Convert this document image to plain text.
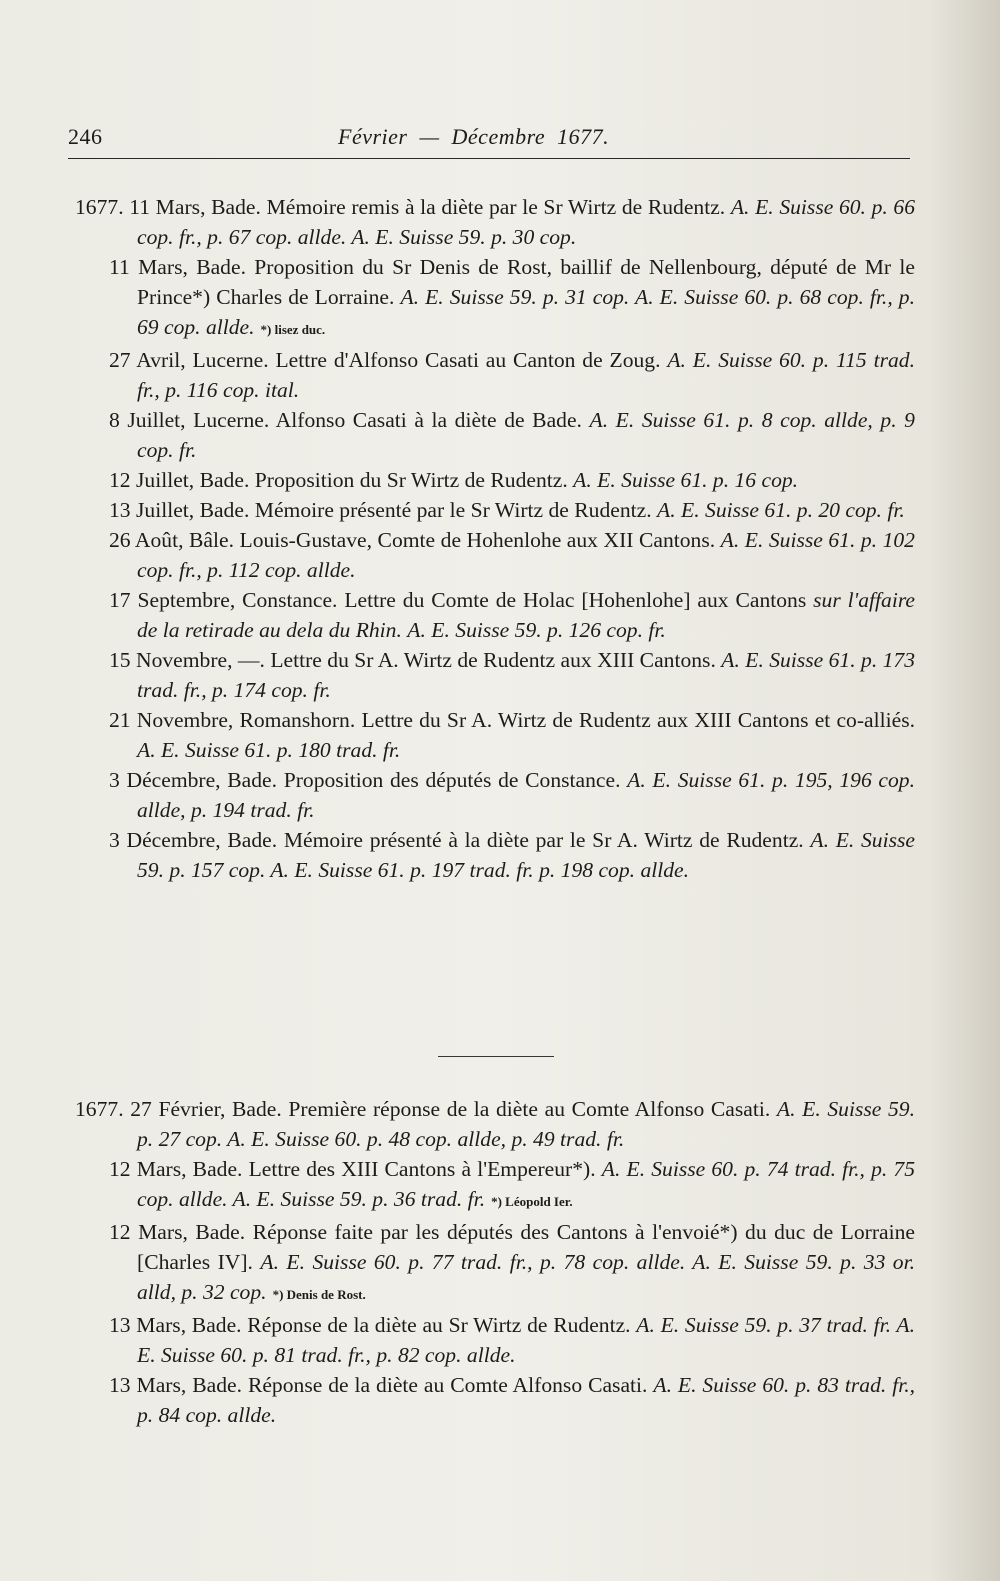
246	Février — Décembre 1677.

1677. 11 Mars, Bade. Mémoire remis à la diète par le Sr Wirtz de Rudentz. A. E. Suisse 60. p. 66 cop. fr., p. 67 cop. allde. A. E. Suisse 59. p. 30 cop.

11 Mars, Bade. Proposition du Sr Denis de Rost, baillif de Nellenbourg, député de Mr le Prince*) Charles de Lorraine. A. E. Suisse 59. p. 31 cop. A. E. Suisse 60. p. 68 cop. fr., p. 69 cop. allde. *) lisez duc.

27 Avril, Lucerne. Lettre d'Alfonso Casati au Canton de Zoug. A. E. Suisse 60. p. 115 trad. fr., p. 116 cop. ital.

8 Juillet, Lucerne. Alfonso Casati à la diète de Bade. A. E. Suisse 61. p. 8 cop. allde, p. 9 cop. fr.

12 Juillet, Bade. Proposition du Sr Wirtz de Rudentz. A. E. Suisse 61. p. 16 cop.

13 Juillet, Bade. Mémoire présenté par le Sr Wirtz de Rudentz. A. E. Suisse 61. p. 20 cop. fr.

26 Août, Bâle. Louis-Gustave, Comte de Hohenlohe aux XII Cantons. A. E. Suisse 61. p. 102 cop. fr., p. 112 cop. allde.

17 Septembre, Constance. Lettre du Comte de Holac [Hohenlohe] aux Cantons sur l'affaire de la retirade au dela du Rhin. A. E. Suisse 59. p. 126 cop. fr.

15 Novembre, —. Lettre du Sr A. Wirtz de Rudentz aux XIII Cantons. A. E. Suisse 61. p. 173 trad. fr., p. 174 cop. fr.

21 Novembre, Romanshorn. Lettre du Sr A. Wirtz de Rudentz aux XIII Cantons et co-alliés. A. E. Suisse 61. p. 180 trad. fr.

3 Décembre, Bade. Proposition des députés de Constance. A. E. Suisse 61. p. 195, 196 cop. allde, p. 194 trad. fr.

3 Décembre, Bade. Mémoire présenté à la diète par le Sr A. Wirtz de Rudentz. A. E. Suisse 59. p. 157 cop. A. E. Suisse 61. p. 197 trad. fr. p. 198 cop. allde.

1677. 27 Février, Bade. Première réponse de la diète au Comte Alfonso Casati. A. E. Suisse 59. p. 27 cop. A. E. Suisse 60. p. 48 cop. allde, p. 49 trad. fr.

12 Mars, Bade. Lettre des XIII Cantons à l'Empereur*). A. E. Suisse 60. p. 74 trad. fr., p. 75 cop. allde. A. E. Suisse 59. p. 36 trad. fr. *) Léopold Ier.

12 Mars, Bade. Réponse faite par les députés des Cantons à l'envoié*) du duc de Lorraine [Charles IV]. A. E. Suisse 60. p. 77 trad. fr., p. 78 cop. allde. A. E. Suisse 59. p. 33 or. alld, p. 32 cop. *) Denis de Rost.

13 Mars, Bade. Réponse de la diète au Sr Wirtz de Rudentz. A. E. Suisse 59. p. 37 trad. fr. A. E. Suisse 60. p. 81 trad. fr., p. 82 cop. allde.

13 Mars, Bade. Réponse de la diète au Comte Alfonso Casati. A. E. Suisse 60. p. 83 trad. fr., p. 84 cop. allde.
